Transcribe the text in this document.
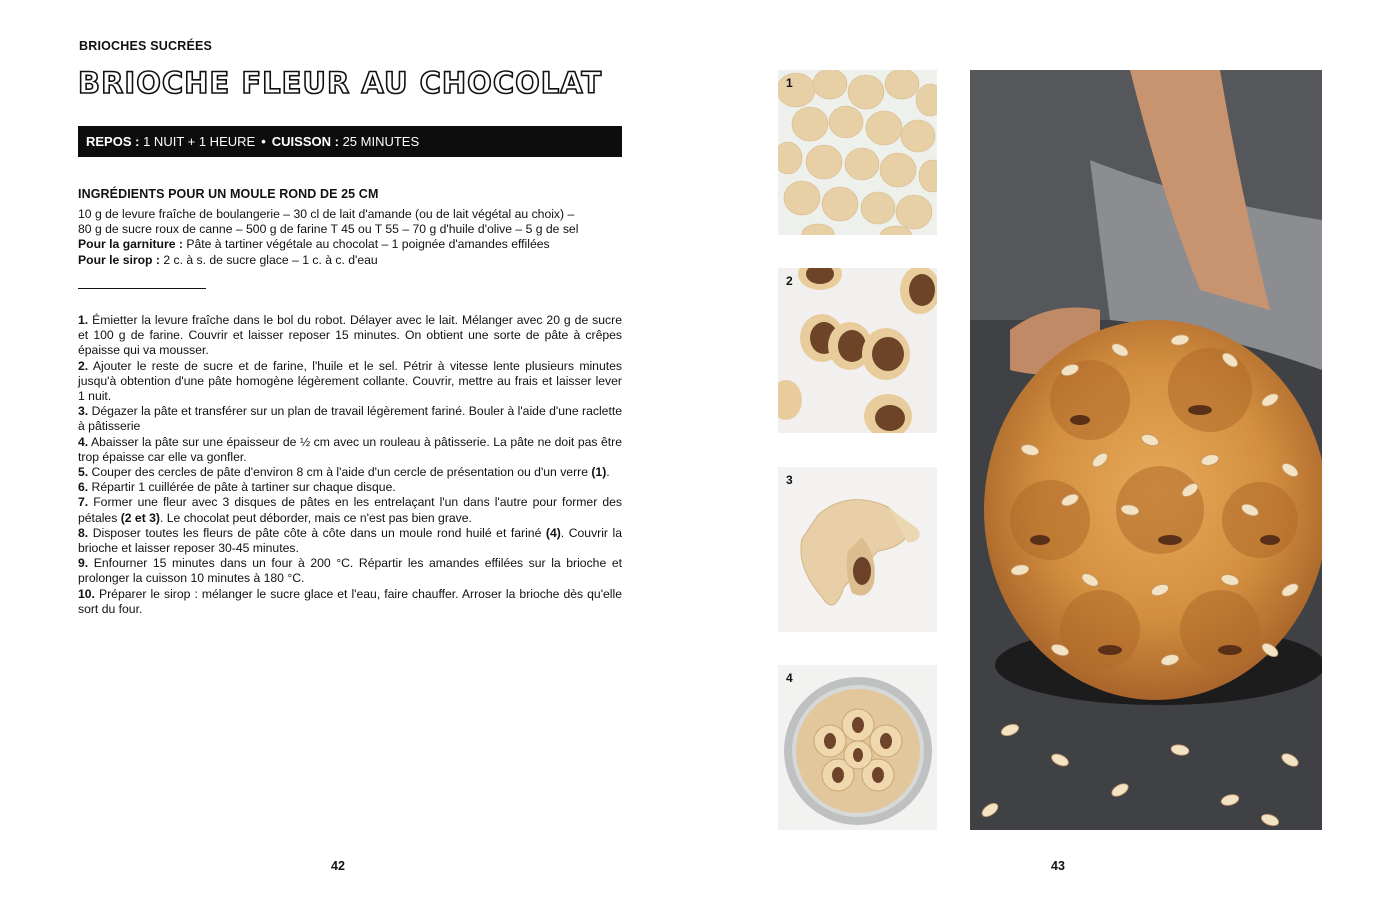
BRIOCHES SUCRÉES
BRIOCHE FLEUR AU CHOCOLAT
REPOS :
1 NUIT + 1 HEURE • CUISSON :
25 MINUTES
INGRÉDIENTS POUR UN MOULE ROND DE 25 CM

10 g de levure fraîche de boulangerie – 30 cl de lait d'amande (ou de lait végétal au choix) –

80 g de sucre roux de canne – 500 g de farine T 45 ou T 55 – 70 g d'huile d'olive – 5 g de sel

Pour la garniture : Pâte à tartiner végétale au chocolat – 1 poignée d'amandes effilées

Pour le sirop : 2 c. à s. de sucre glace – 1 c. à c. d'eau

1. Émietter la levure fraîche dans le bol du robot. Délayer avec le lait. Mélanger avec 20 g de sucre et 100 g de farine. Couvrir et laisser reposer 15 minutes. On obtient une sorte de pâte à crêpes épaisse qui va mousser.

2. Ajouter le reste de sucre et de farine, l'huile et le sel. Pétrir à vitesse lente plusieurs minutes jusqu'à obtention d'une pâte homogène légèrement collante. Couvrir, mettre au frais et laisser lever 1 nuit.

3. Dégazer la pâte et transférer sur un plan de travail légèrement fariné. Bouler à l'aide d'une raclette à pâtisserie

4. Abaisser la pâte sur une épaisseur de ½ cm avec un rouleau à pâtisserie. La pâte ne doit pas être trop épaisse car elle va gonfler.

5. Couper des cercles de pâte d'environ 8 cm à l'aide d'un cercle de présentation ou d'un verre (1).

6. Répartir 1 cuillérée de pâte à tartiner sur chaque disque.

7. Former une fleur avec 3 disques de pâtes en les entrelaçant l'un dans l'autre pour former des pétales (2 et 3). Le chocolat peut déborder, mais ce n'est pas bien grave.

8. Disposer toutes les fleurs de pâte côte à côte dans un moule rond huilé et fariné (4). Couvrir la brioche et laisser reposer 30-45 minutes.

9. Enfourner 15 minutes dans un four à 200 °C. Répartir les amandes effilées sur la brioche et prolonger la cuisson 10 minutes à 180 °C.

10. Préparer le sirop : mélanger le sucre glace et l'eau, faire chauffer. Arroser la brioche dès qu'elle sort du four.

42
1
2
3
4
43
